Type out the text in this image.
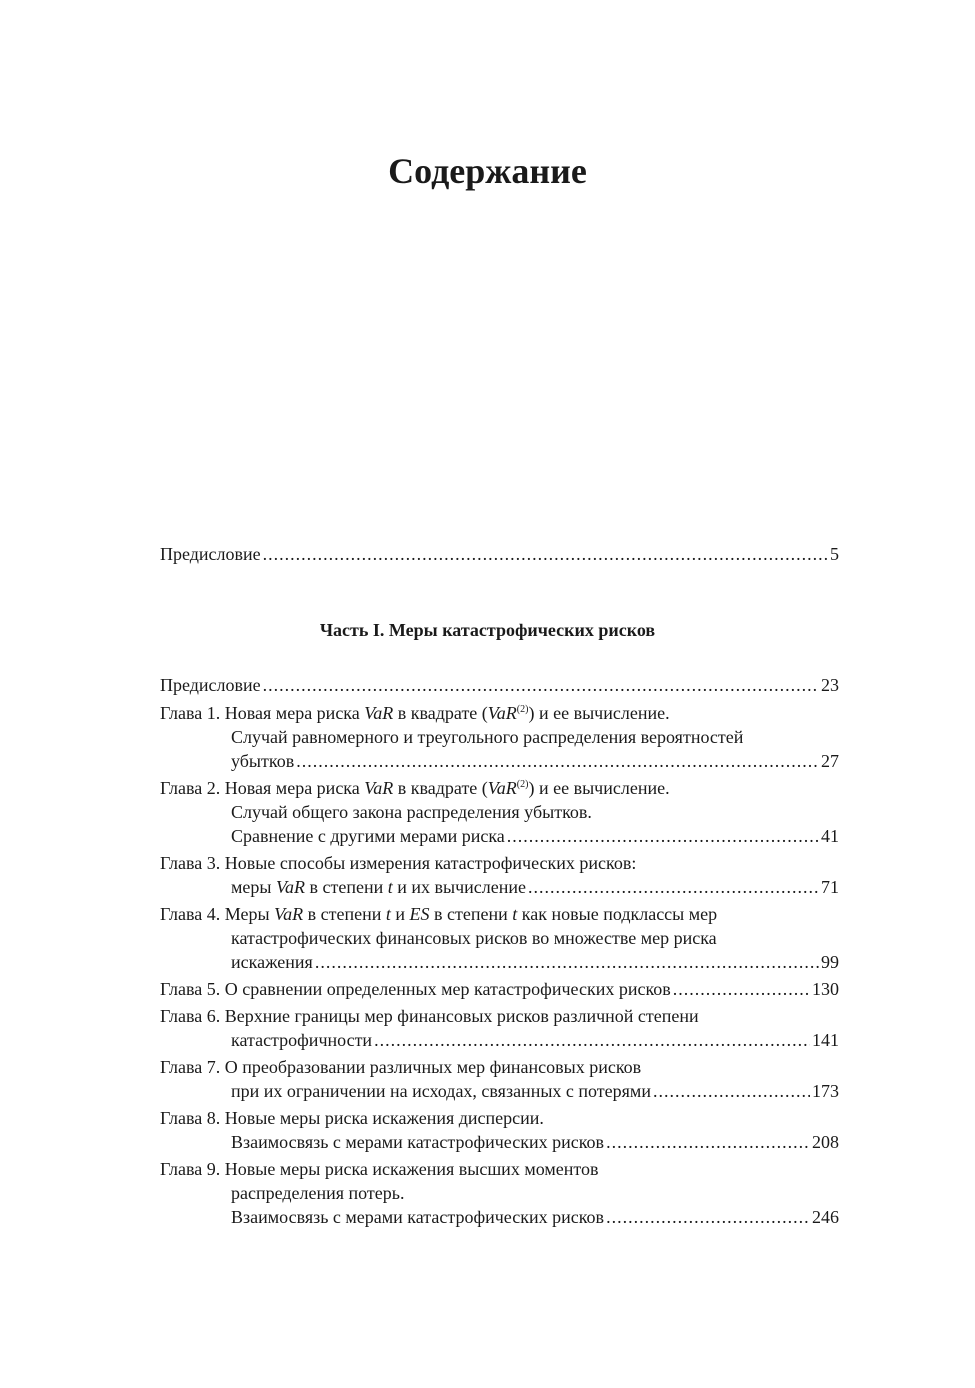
Содержание
Предисловие .....	5
Часть I. Меры катастрофических рисков
Предисловие .....	23
Глава 1. Новая мера риска VaR в квадрате (VaR$^{(2)}$) и ее вычисление.
Случай равномерного и треугольного распределения вероятностей
убытков .....	27
Глава 2. Новая мера риска VaR в квадрате (VaR$^{(2)}$) и ее вычисление.
Случай общего закона распределения убытков.
Сравнение с другими мерами риска .....	41
Глава 3. Новые способы измерения катастрофических рисков:
меры VaR в степени t и их вычисление .....	71
Глава 4. Меры VaR в степени t и ES в степени t как новые подклассы мер
катастрофических финансовых рисков во множестве мер риска
искажения .....	99
Глава 5. О сравнении определенных мер катастрофических рисков .....	130
Глава 6. Верхние границы мер финансовых рисков различной степени
катастрофичности .....	141
Глава 7. О преобразовании различных мер финансовых рисков
при их ограничении на исходах, связанных с потерями .....	173
Глава 8. Новые меры риска искажения дисперсии.
Взаимосвязь с мерами катастрофических рисков .....	208
Глава 9. Новые меры риска искажения высших моментов
распределения потерь.
Взаимосвязь с мерами катастрофических рисков .....	246
